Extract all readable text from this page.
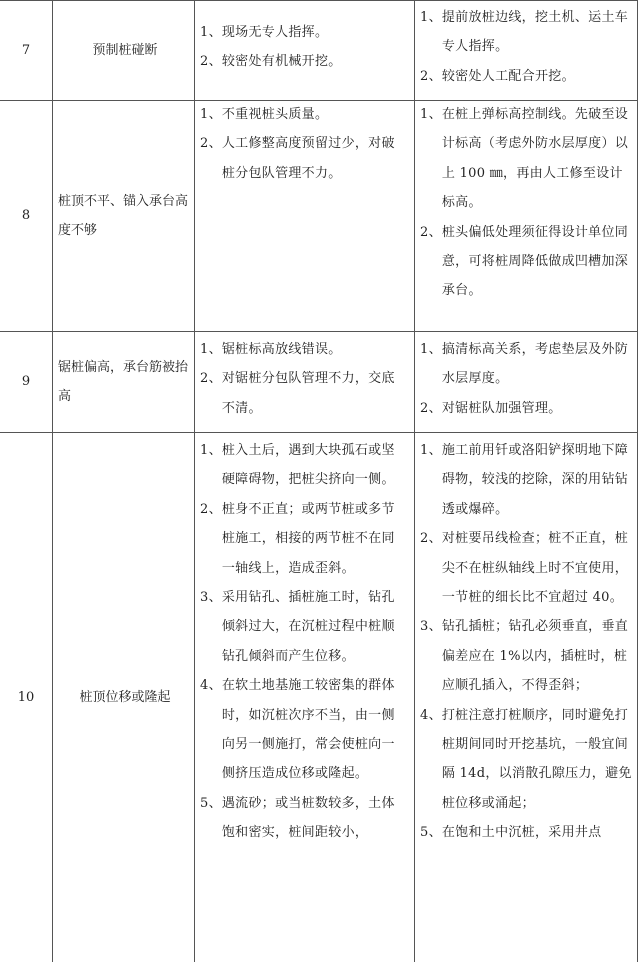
7	预制桩碰断
1、 现场无专人指挥。
2、 较密处有机械开挖。
1、 提前放桩边线，挖土机、运土车专人指挥。
2、 较密处人工配合开挖。
8
桩顶不平、锚入承台高度不够
1、 不重视桩头质量。
2、 人工修整高度预留过少，对破桩分包队管理不力。
1、 在桩上弹标高控制线。先破至设计标高（考虑外防水层厚度）以上 100 ㎜，再由人工修至设计标高。
2、 桩头偏低处理须征得设计单位同意，可将桩周降低做成凹槽加深承台。
9
锯桩偏高，承台筋被抬高
1、 锯桩标高放线错误。
2、 对锯桩分包队管理不力，交底不清。
1、 搞清标高关系，考虑垫层及外防水层厚度。
2、 对锯桩队加强管理。
10	桩顶位移或隆起
1、 桩入土后，遇到大块孤石或坚硬障碍物，把桩尖挤向一侧。
2、 桩身不正直；或两节桩或多节桩施工，相接的两节桩不在同一轴线上，造成歪斜。
3、 采用钻孔、插桩施工时，钻孔倾斜过大，在沉桩过程中桩顺钻孔倾斜而产生位移。
4、 在软土地基施工较密集的群体时，如沉桩次序不当，由一侧向另一侧施打，常会使桩向一侧挤压造成位移或隆起。
5、 遇流砂；或当桩数较多，土体饱和密实，桩间距较小，
1、 施工前用钎或洛阳铲探明地下障碍物，较浅的挖除，深的用钻钻透或爆碎。
2、 对桩要吊线检查；桩不正直，桩尖不在桩纵轴线上时不宜使用，一节桩的细长比不宜超过 40。
3、 钻孔插桩；钻孔必须垂直，垂直偏差应在 1%以内，插桩时，桩应顺孔插入，不得歪斜；
4、 打桩注意打桩顺序，同时避免打桩期间同时开挖基坑，一般宜间隔 14d，以消散孔隙压力，避免桩位移或涌起；
5、 在饱和土中沉桩，采用井点
